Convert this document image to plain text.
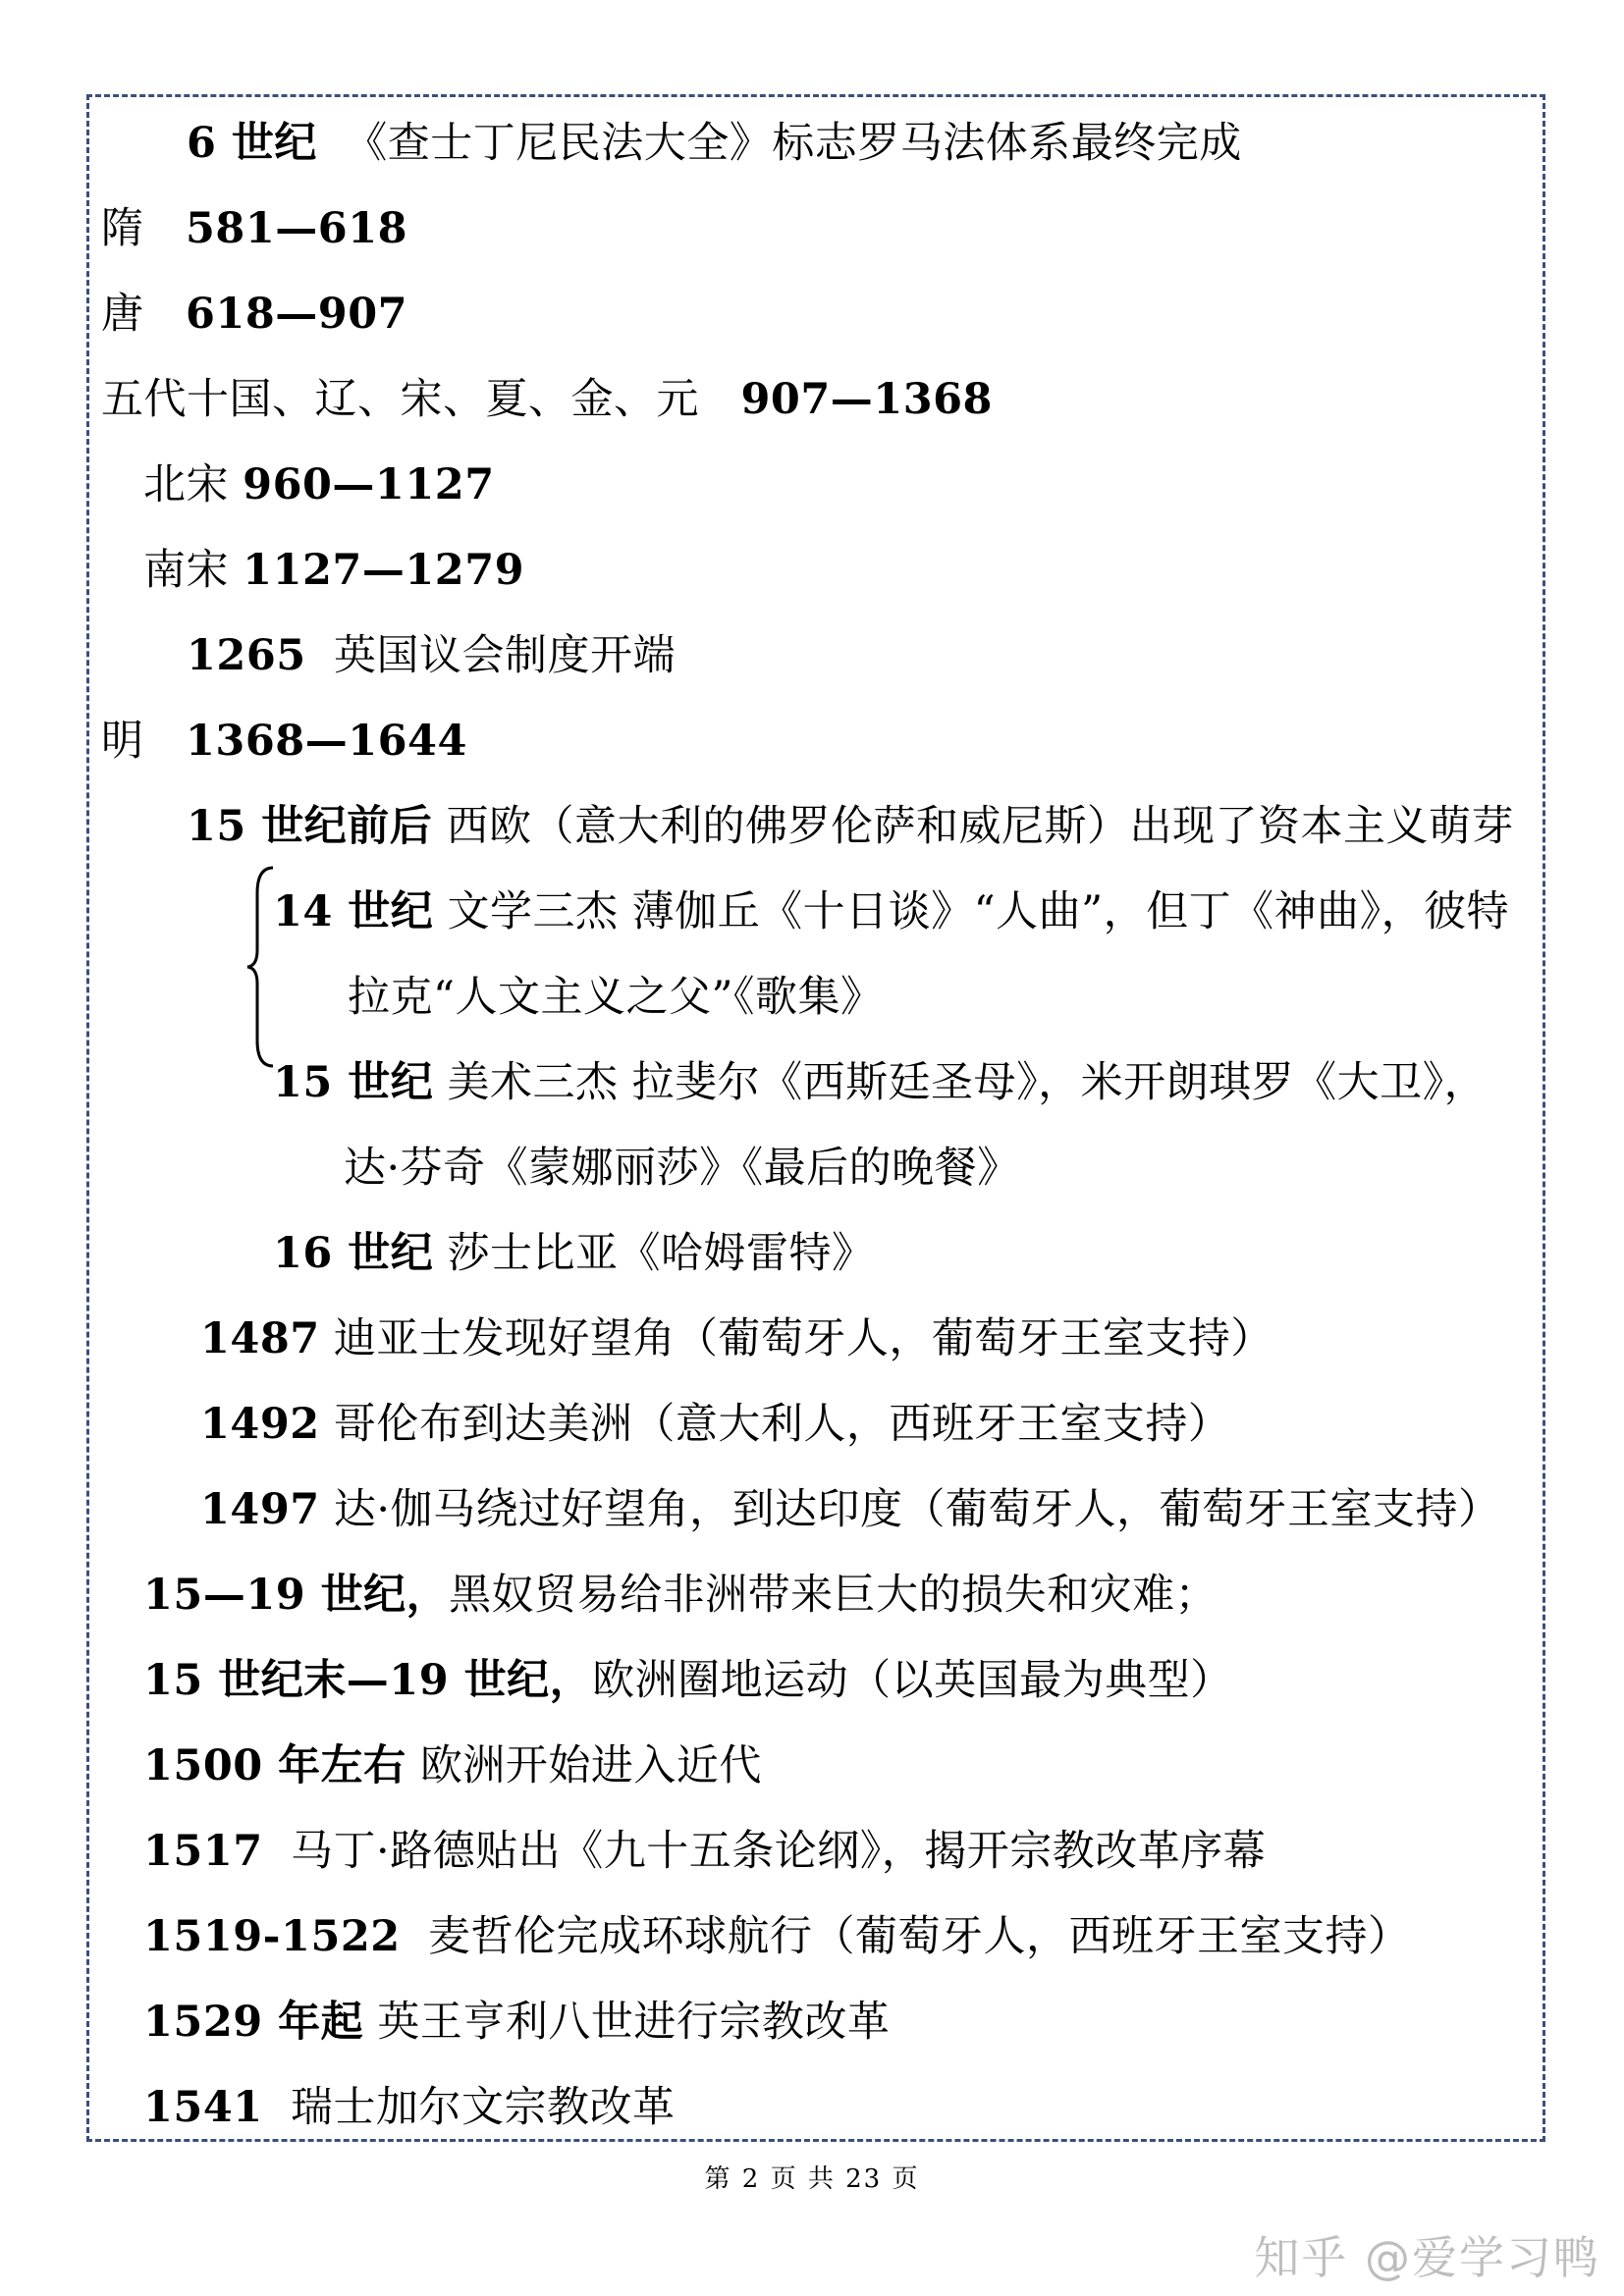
6 世纪 《查士丁尼民法大全》标志罗马法体系最终完成
隋 581—618
唐 618—907
五代十国、辽、宋、夏、金、元 907—1368
北宋 960—1127
南宋 1127—1279
1265 英国议会制度开端
明 1368—1644
15 世纪前后 西欧（意大利的佛罗伦萨和威尼斯）出现了资本主义萌芽
14 世纪 文学三杰 薄伽丘《十日谈》“人曲”，但丁《神曲》，彼特
拉克“人文主义之父”《歌集》
15 世纪 美术三杰 拉斐尔《西斯廷圣母》，米开朗琪罗《大卫》，
达·芬奇《蒙娜丽莎》《最后的晚餐》
16 世纪 莎士比亚《哈姆雷特》
1487 迪亚士发现好望角（葡萄牙人，葡萄牙王室支持）
1492 哥伦布到达美洲（意大利人，西班牙王室支持）
1497 达·伽马绕过好望角，到达印度（葡萄牙人，葡萄牙王室支持）
15—19 世纪，黑奴贸易给非洲带来巨大的损失和灾难；
15 世纪末—19 世纪，欧洲圈地运动（以英国最为典型）
1500 年左右 欧洲开始进入近代
1517 马丁·路德贴出《九十五条论纲》，揭开宗教改革序幕
1519-1522 麦哲伦完成环球航行（葡萄牙人，西班牙王室支持）
1529 年起 英王亨利八世进行宗教改革
1541 瑞士加尔文宗教改革
第 2 页 共 23 页
知乎 @爱学习鸭
